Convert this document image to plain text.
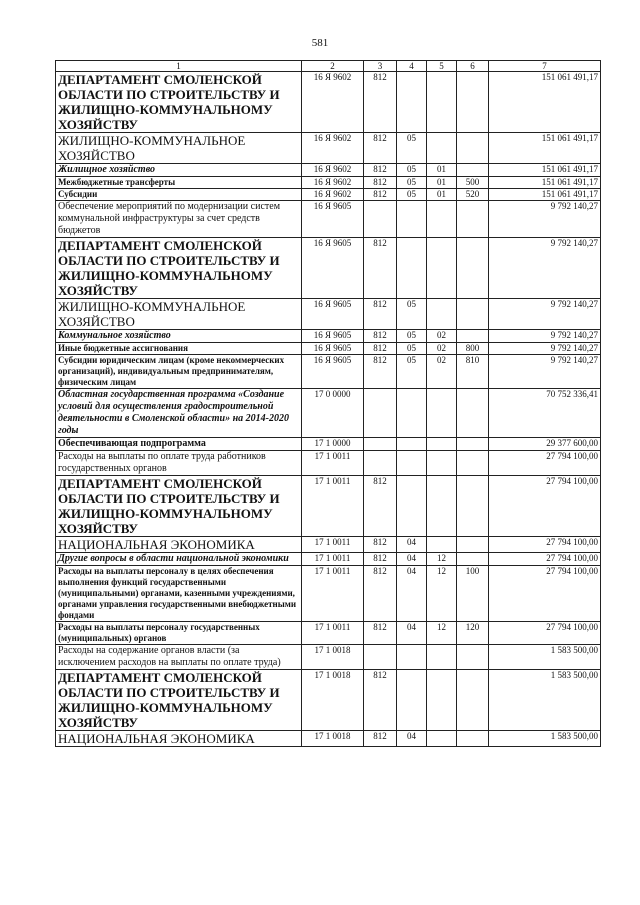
581
1	2	3	4	5	6	7
ДЕПАРТАМЕНТ СМОЛЕНСКОЙ ОБЛАСТИ ПО СТРОИТЕЛЬСТВУ И ЖИЛИЩНО-КОММУНАЛЬНОМУ ХОЗЯЙСТВУ	16 Я 9602	812				151 061 491,17
ЖИЛИЩНО-КОММУНАЛЬНОЕ ХОЗЯЙСТВО	16 Я 9602	812	05			151 061 491,17
Жилищное хозяйство	16 Я 9602	812	05	01		151 061 491,17
Межбюджетные трансферты	16 Я 9602	812	05	01	500	151 061 491,17
Субсидии	16 Я 9602	812	05	01	520	151 061 491,17
Обеспечение мероприятий по модернизации систем коммунальной инфраструктуры за счет средств бюджетов	16 Я 9605					9 792 140,27
ДЕПАРТАМЕНТ СМОЛЕНСКОЙ ОБЛАСТИ ПО СТРОИТЕЛЬСТВУ И ЖИЛИЩНО-КОММУНАЛЬНОМУ ХОЗЯЙСТВУ	16 Я 9605	812				9 792 140,27
ЖИЛИЩНО-КОММУНАЛЬНОЕ ХОЗЯЙСТВО	16 Я 9605	812	05			9 792 140,27
Коммунальное хозяйство	16 Я 9605	812	05	02		9 792 140,27
Иные бюджетные ассигнования	16 Я 9605	812	05	02	800	9 792 140,27
Субсидии юридическим лицам (кроме некоммерческих организаций), индивидуальным предпринимателям, физическим лицам	16 Я 9605	812	05	02	810	9 792 140,27
Областная государственная программа «Создание условий для осуществления градостроительной деятельности в Смоленской области» на 2014-2020 годы	17 0 0000					70 752 336,41
Обеспечивающая подпрограмма	17 1 0000					29 377 600,00
Расходы на выплаты по оплате труда работников государственных органов	17 1 0011					27 794 100,00
ДЕПАРТАМЕНТ СМОЛЕНСКОЙ ОБЛАСТИ ПО СТРОИТЕЛЬСТВУ И ЖИЛИЩНО-КОММУНАЛЬНОМУ ХОЗЯЙСТВУ	17 1 0011	812				27 794 100,00
НАЦИОНАЛЬНАЯ ЭКОНОМИКА	17 1 0011	812	04			27 794 100,00
Другие вопросы в области национальной экономики	17 1 0011	812	04	12		27 794 100,00
Расходы на выплаты персоналу в целях обеспечения выполнения функций государственными (муниципальными) органами, казенными учреждениями, органами управления государственными внебюджетными фондами	17 1 0011	812	04	12	100	27 794 100,00
Расходы на выплаты персоналу государственных (муниципальных) органов	17 1 0011	812	04	12	120	27 794 100,00
Расходы на содержание органов власти (за исключением расходов на выплаты по оплате труда)	17 1 0018					1 583 500,00
ДЕПАРТАМЕНТ СМОЛЕНСКОЙ ОБЛАСТИ ПО СТРОИТЕЛЬСТВУ И ЖИЛИЩНО-КОММУНАЛЬНОМУ ХОЗЯЙСТВУ	17 1 0018	812				1 583 500,00
НАЦИОНАЛЬНАЯ ЭКОНОМИКА	17 1 0018	812	04			1 583 500,00
